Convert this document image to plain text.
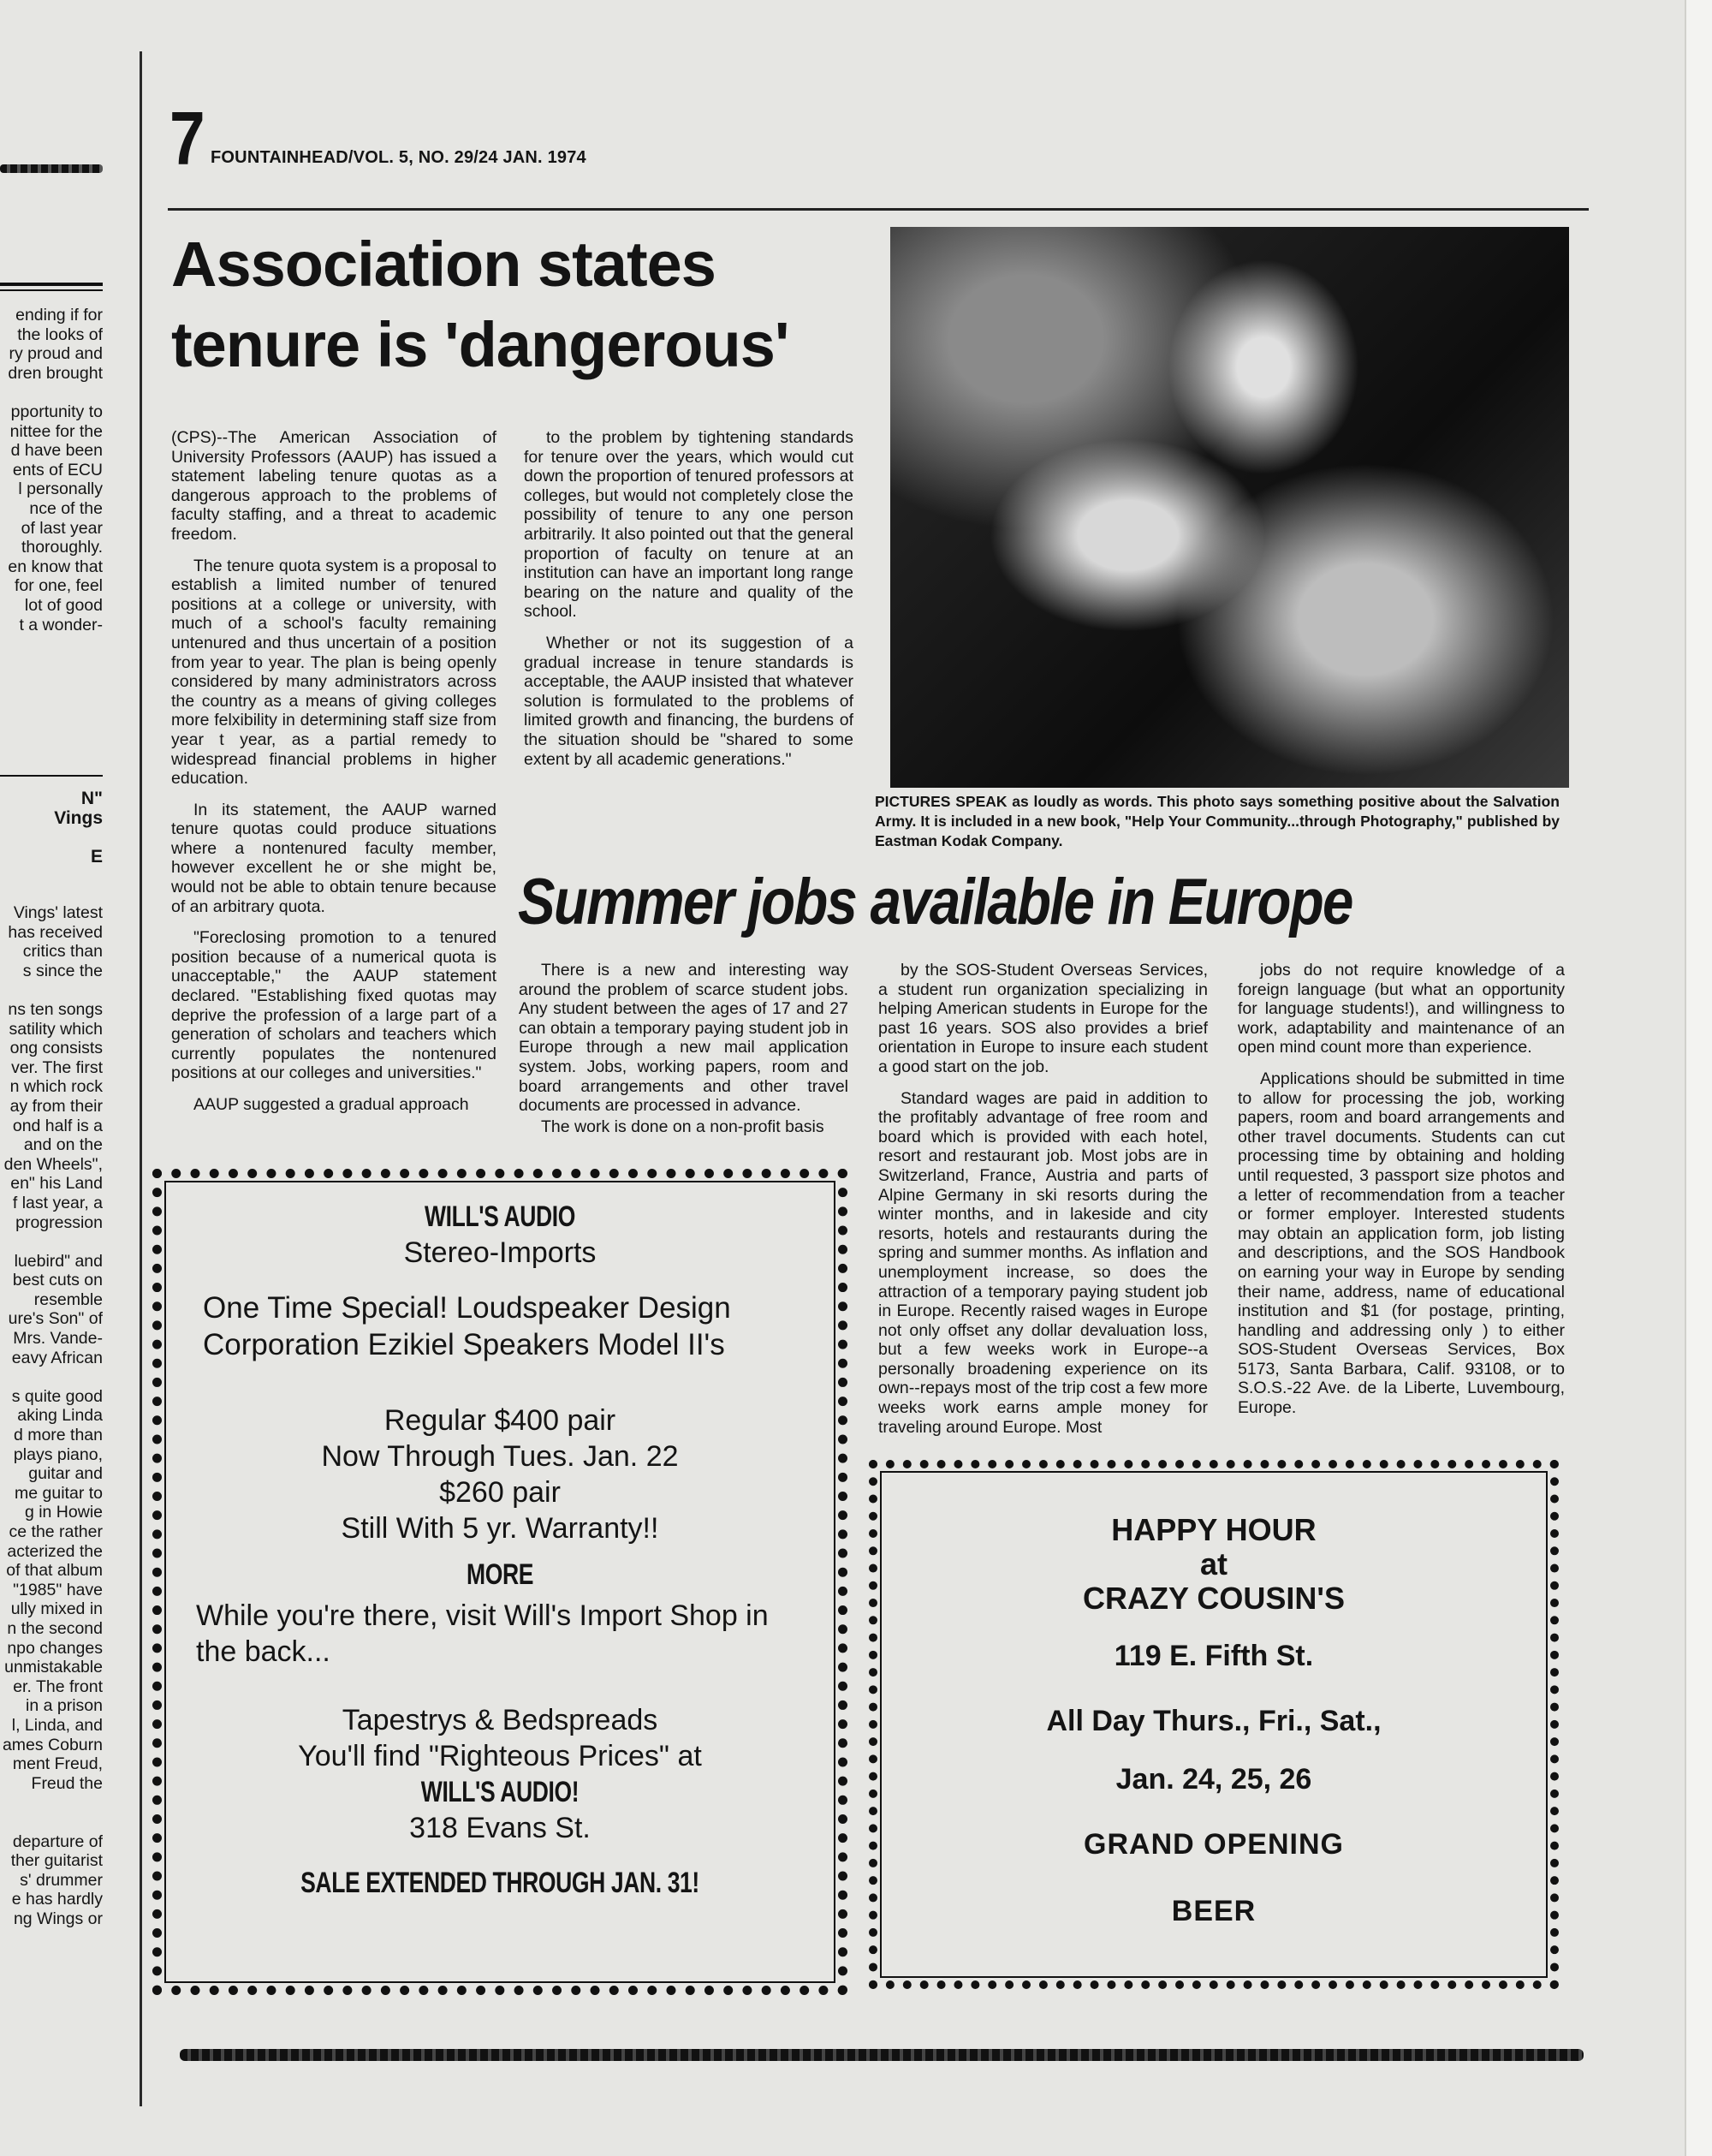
ending if for
the looks of
ry proud and
dren brought
pportunity to
nittee for the
d have been
ents of ECU
l personally
nce of the
of last year
thoroughly.
en know that
for one, feel
lot of good
t a wonder-
N"
Vings
E
Vings' latest
has received
critics than
s since the
ns ten songs
satility which
ong consists
ver. The first
n which rock
ay from their
ond half is a
and on the
den Wheels",
en" his Land
f last year, a
progression
luebird" and
best cuts on
resemble
ure's Son" of
Mrs. Vande-
eavy African
s quite good
aking Linda
d more than
plays piano,
guitar and
me guitar to
g in Howie
ce the rather
acterized the
of that album
"1985" have
ully mixed in
n the second
npo changes
unmistakable
er. The front
in a prison
l, Linda, and
ames Coburn
ment Freud,
Freud the
departure of
ther guitarist
s' drummer
e has hardly
ng Wings or
7 FOUNTAINHEAD/VOL. 5, NO. 29/24 JAN. 1974
Association states
tenure is 'dangerous'

(CPS)--The American Association of University Professors (AAUP) has issued a statement labeling tenure quotas as a dangerous approach to the problems of faculty staffing, and a threat to academic freedom.

The tenure quota system is a proposal to establish a limited number of tenured positions at a college or university, with much of a school's faculty remaining untenured and thus uncertain of a position from year to year. The plan is being openly considered by many administrators across the country as a means of giving colleges more felxibility in determining staff size from year t year, as a partial remedy to widespread financial problems in higher education.

In its statement, the AAUP warned tenure quotas could produce situations where a nontenured faculty member, however excellent he or she might be, would not be able to obtain tenure because of an arbitrary quota.

"Foreclosing promotion to a tenured position because of a numerical quota is unacceptable," the AAUP statement declared. "Establishing fixed quotas may deprive the profession of a large part of a generation of scholars and teachers which currently populates the nontenured positions at our colleges and universities."

AAUP suggested a gradual approach

to the problem by tightening standards for tenure over the years, which would cut down the proportion of tenured professors at colleges, but would not completely close the possibility of tenure to any one person arbitrarily. It also pointed out that the general proportion of faculty on tenure at an institution can have an important long range bearing on the nature and quality of the school.

Whether or not its suggestion of a gradual increase in tenure standards is acceptable, the AAUP insisted that whatever solution is formulated to the problems of limited growth and financing, the burdens of the situation should be "shared to some extent by all academic generations."

PICTURES SPEAK as loudly as words. This photo says something positive about the Salvation Army. It is included in a new book, "Help Your Community...through Photography," published by Eastman Kodak Company.
Summer jobs available in Europe

There is a new and interesting way around the problem of scarce student jobs. Any student between the ages of 17 and 27 can obtain a temporary paying student job in Europe through a new mail application system. Jobs, working papers, room and board arrangements and other travel documents are processed in advance.

The work is done on a non-profit basis

by the SOS-Student Overseas Services, a student run organization specializing in helping American students in Europe for the past 16 years. SOS also provides a brief orientation in Europe to insure each student a good start on the job.

Standard wages are paid in addition to the profitably advantage of free room and board which is provided with each hotel, resort and restaurant job. Most jobs are in Switzerland, France, Austria and parts of Alpine Germany in ski resorts during the winter months, and in lakeside and city resorts, hotels and restaurants during the spring and summer months. As inflation and unemployment increase, so does the attraction of a temporary paying student job in Europe. Recently raised wages in Europe not only offset any dollar devaluation loss, but a few weeks work in Europe--a personally broadening experience on its own--repays most of the trip cost a few more weeks work earns ample money for traveling around Europe. Most

jobs do not require knowledge of a foreign language (but what an opportunity for language students!), and willingness to work, adaptability and maintenance of an open mind count more than experience.

Applications should be submitted in time to allow for processing the job, working papers, room and board arrangements and other travel documents. Students can cut processing time by obtaining and holding until requested, 3 passport size photos and a letter of recommendation from a teacher or former employer. Interested students may obtain an application form, job listing and descriptions, and the SOS Handbook on earning your way in Europe by sending their name, address, name of educational institution and $1 (for postage, printing, handling and addressing only ) to either SOS-Student Overseas Services, Box 5173, Santa Barbara, Calif. 93108, or to S.O.S.-22 Ave. de la Liberte, Luvembourg, Europe.

WILL'S AUDIO
Stereo-Imports
One Time Special! Loudspeaker Design Corporation Ezikiel Speakers Model II's
Regular $400 pair
Now Through Tues. Jan. 22
$260 pair
Still With 5 yr. Warranty!!
MORE
While you're there, visit Will's Import Shop in the back...
Tapestrys & Bedspreads
You'll find "Righteous Prices" at
WILL'S AUDIO!
318 Evans St.
SALE EXTENDED THROUGH JAN. 31!
HAPPY HOUR
at
CRAZY COUSIN'S
119 E. Fifth St.
All Day Thurs., Fri., Sat.,
Jan. 24, 25, 26
GRAND OPENING
BEER
